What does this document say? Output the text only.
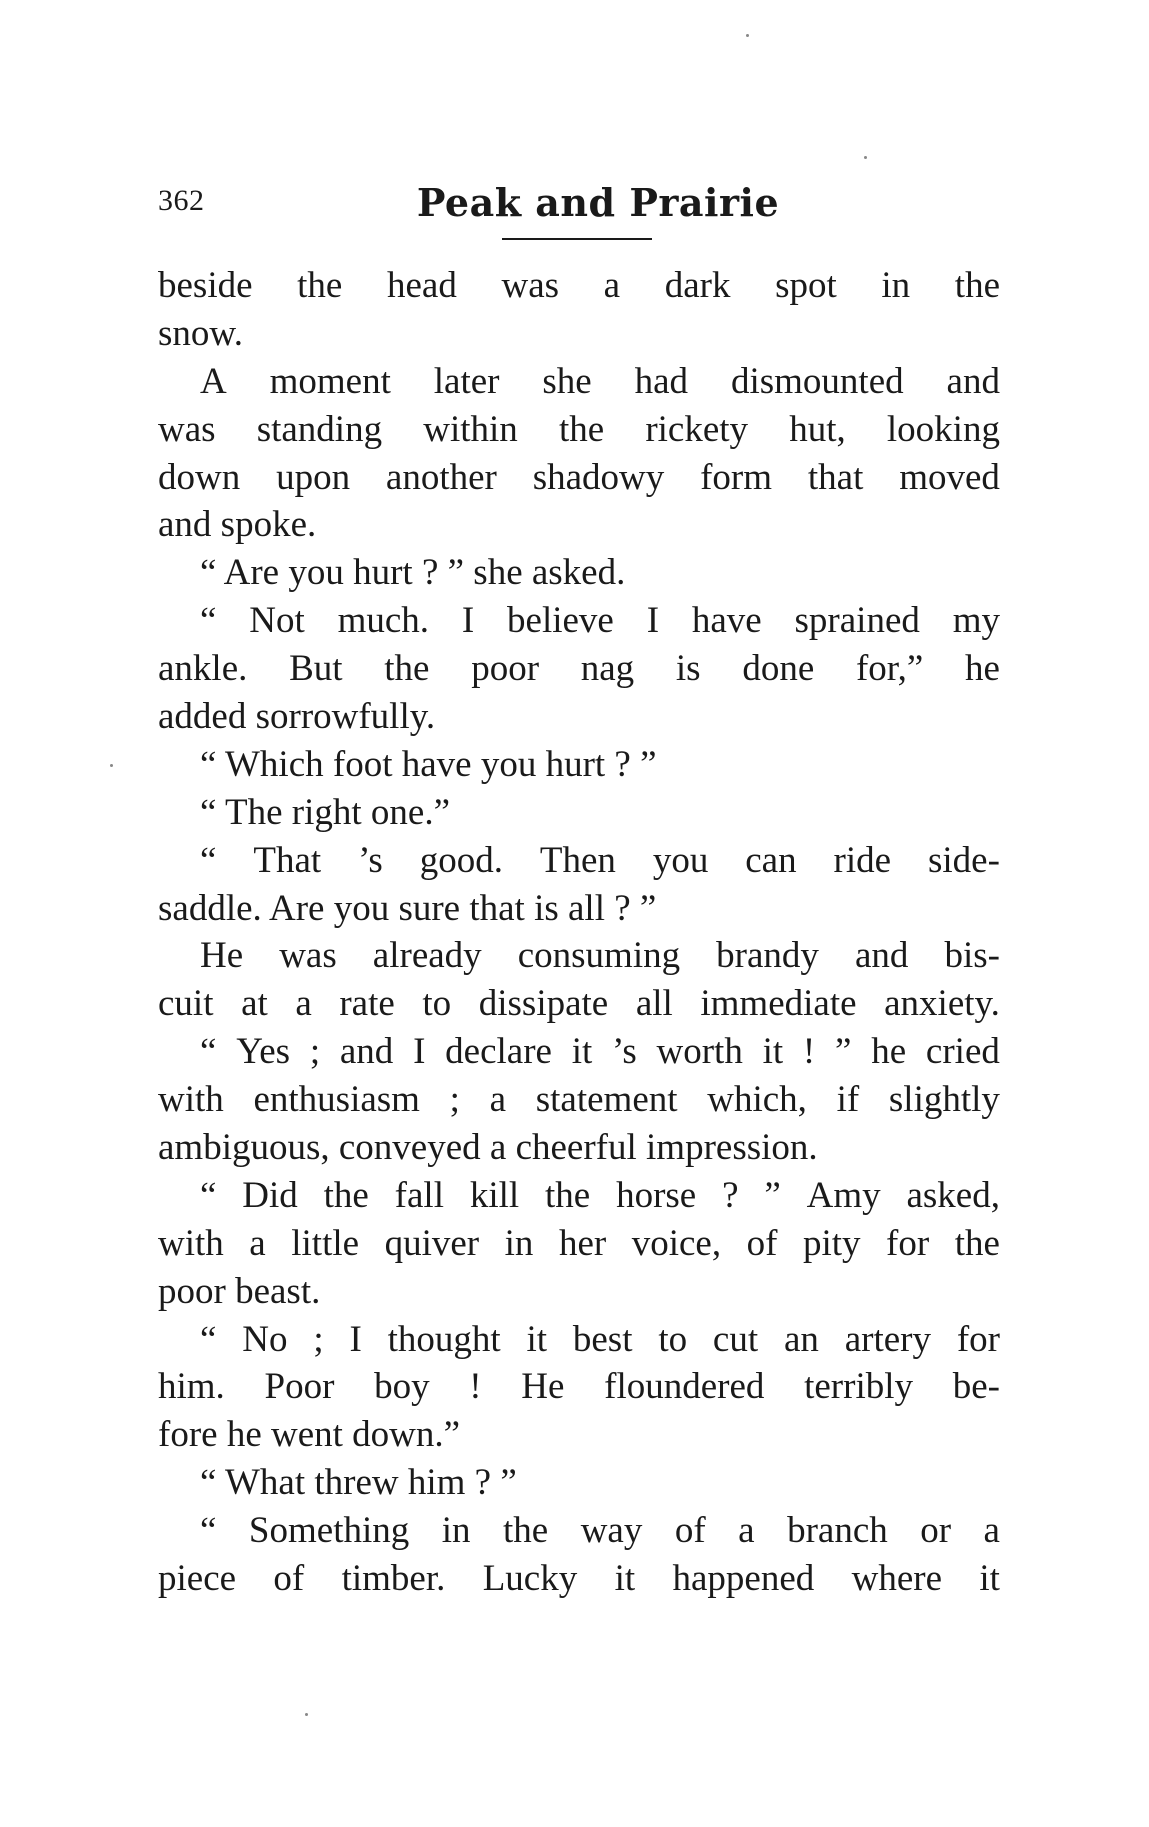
362	Peak and Prairie
beside the head was a dark spot in the
snow.
A moment later she had dismounted and
was standing within the rickety hut, looking
down upon another shadowy form that moved
and spoke.
“ Are you hurt ? ” she asked.
“ Not much. I believe I have sprained my
ankle. But the poor nag is done for,” he
added sorrowfully.
“ Which foot have you hurt ? ”
“ The right one.”
“ That ’s good. Then you can ride side-
saddle. Are you sure that is all ? ”
He was already consuming brandy and bis-
cuit at a rate to dissipate all immediate anxiety.
“ Yes ; and I declare it ’s worth it ! ” he cried
with enthusiasm ; a statement which, if slightly
ambiguous, conveyed a cheerful impression.
“ Did the fall kill the horse ? ” Amy asked,
with a little quiver in her voice, of pity for the
poor beast.
“ No ; I thought it best to cut an artery for
him. Poor boy ! He floundered terribly be-
fore he went down.”
“ What threw him ? ”
“ Something in the way of a branch or a
piece of timber. Lucky it happened where it
